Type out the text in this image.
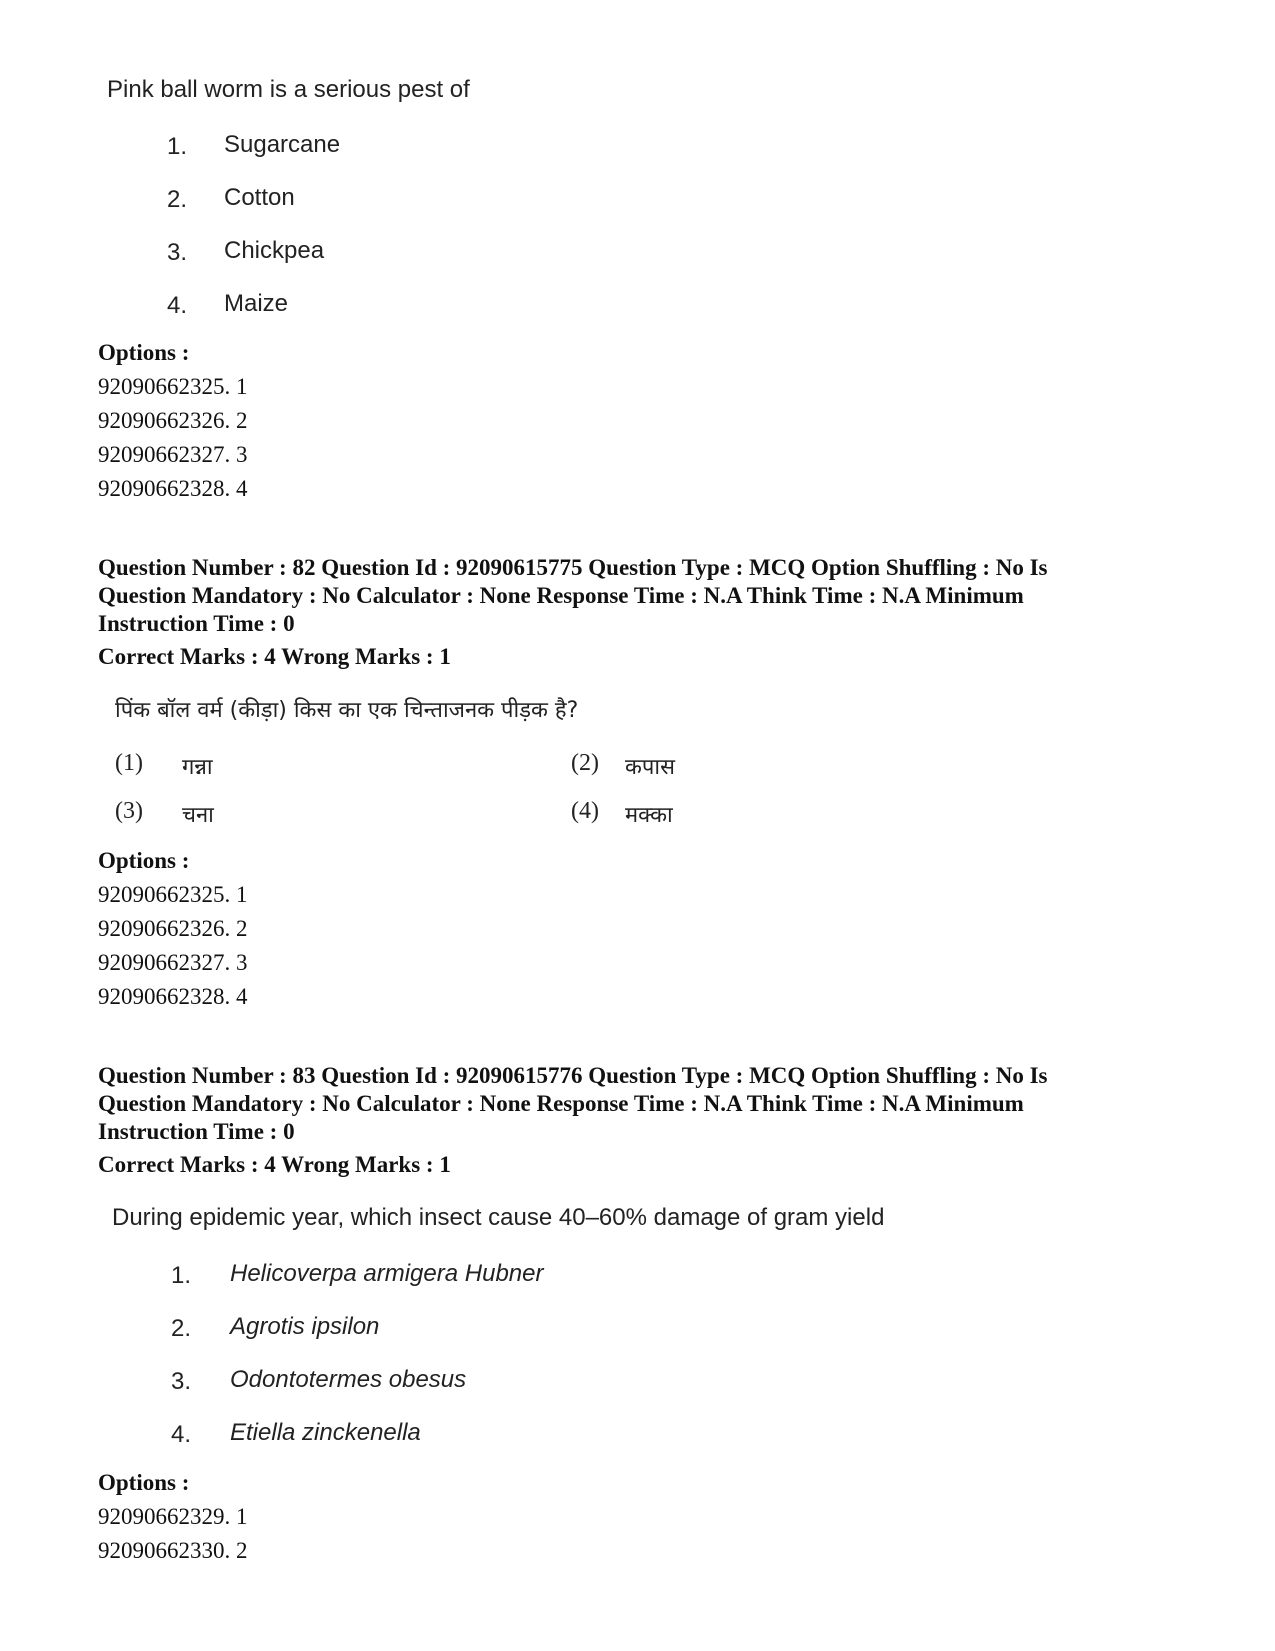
Pink ball worm is a serious pest of
1. Sugarcane
2. Cotton
3. Chickpea
4. Maize
Options :
92090662325. 1
92090662326. 2
92090662327. 3
92090662328. 4
Question Number : 82 Question Id : 92090615775 Question Type : MCQ Option Shuffling : No Is
Question Mandatory : No Calculator : None Response Time : N.A Think Time : N.A Minimum
Instruction Time : 0
Correct Marks : 4 Wrong Marks : 1
पिंक बॉल वर्म (कीड़ा) किस का एक चिन्ताजनक पीड़क है?
(1) गन्ना	(2) कपास
(3) चना	(4) मक्का
Options :
92090662325. 1
92090662326. 2
92090662327. 3
92090662328. 4
Question Number : 83 Question Id : 92090615776 Question Type : MCQ Option Shuffling : No Is
Question Mandatory : No Calculator : None Response Time : N.A Think Time : N.A Minimum
Instruction Time : 0
Correct Marks : 4 Wrong Marks : 1
During epidemic year, which insect cause 40–60% damage of gram yield
1. Helicoverpa armigera Hubner
2. Agrotis ipsilon
3. Odontotermes obesus
4. Etiella zinckenella
Options :
92090662329. 1
92090662330. 2
